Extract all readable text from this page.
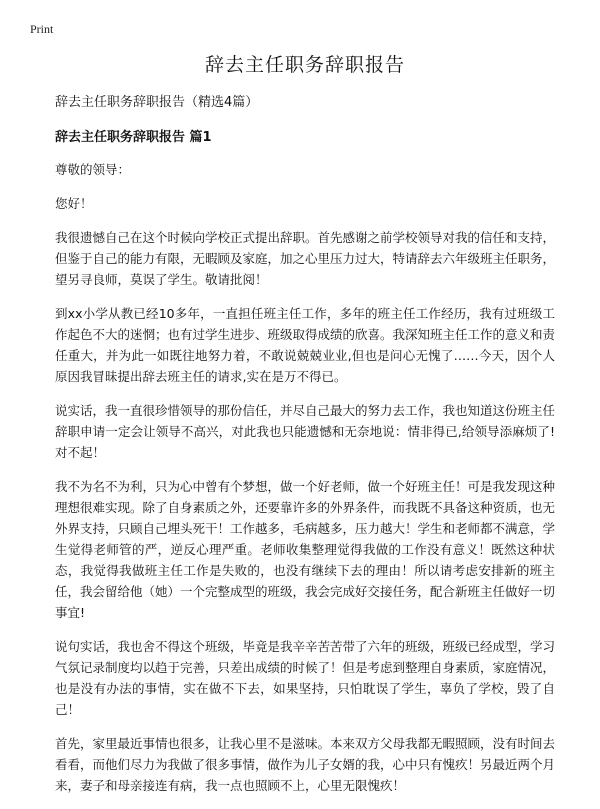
Print
辞去主任职务辞职报告

辞去主任职务辞职报告（精选4篇）

辞去主任职务辞职报告 篇1

尊敬的领导：

您好！

我很遗憾自己在这个时候向学校正式提出辞职。首先感谢之前学校领导对我的信任和支持，但鉴于自己的能力有限，无暇顾及家庭，加之心里压力过大，特请辞去六年级班主任职务，望另寻良师，莫误了学生。敬请批阅！

到xx小学从教已经10多年，一直担任班主任工作，多年的班主任工作经历，我有过班级工作起色不大的迷惘；也有过学生进步、班级取得成绩的欣喜。我深知班主任工作的意义和责任重大，并为此一如既往地努力着，不敢说兢兢业业,但也是问心无愧了……今天，因个人原因我冒昧提出辞去班主任的请求,实在是万不得已。

说实话，我一直很珍惜领导的那份信任，并尽自己最大的努力去工作，我也知道这份班主任辞职申请一定会让领导不高兴，对此我也只能遗憾和无奈地说：情非得已,给领导添麻烦了!对不起！

我不为名不为利，只为心中曾有个梦想，做一个好老师，做一个好班主任！可是我发现这种理想很难实现。除了自身素质之外，还要靠许多的外界条件，而我既不具备这种资质，也无外界支持，只顾自己埋头死干！工作越多，毛病越多，压力越大！学生和老师都不满意，学生觉得老师管的严，逆反心理严重。老师收集整理觉得我做的工作没有意义！既然这种状态，我觉得我做班主任工作是失败的，也没有继续下去的理由！所以请考虑安排新的班主任，我会留给他（她）一个完整成型的班级，我会完成好交接任务，配合新班主任做好一切事宜!

说句实话，我也舍不得这个班级，毕竟是我辛辛苦苦带了六年的班级，班级已经成型，学习气氛记录制度均以趋于完善，只差出成绩的时候了！但是考虑到整理自身素质，家庭情况，也是没有办法的事情，实在做不下去，如果坚持，只怕耽误了学生，辜负了学校，毁了自己！

首先，家里最近事情也很多，让我心里不是滋味。本来双方父母我都无暇照顾，没有时间去看看，而他们尽力为我做了很多事情，做作为儿子女婿的我，心中只有愧疚！另最近两个月来，妻子和母亲接连有病，我一点也照顾不上，心里无限愧疚！
